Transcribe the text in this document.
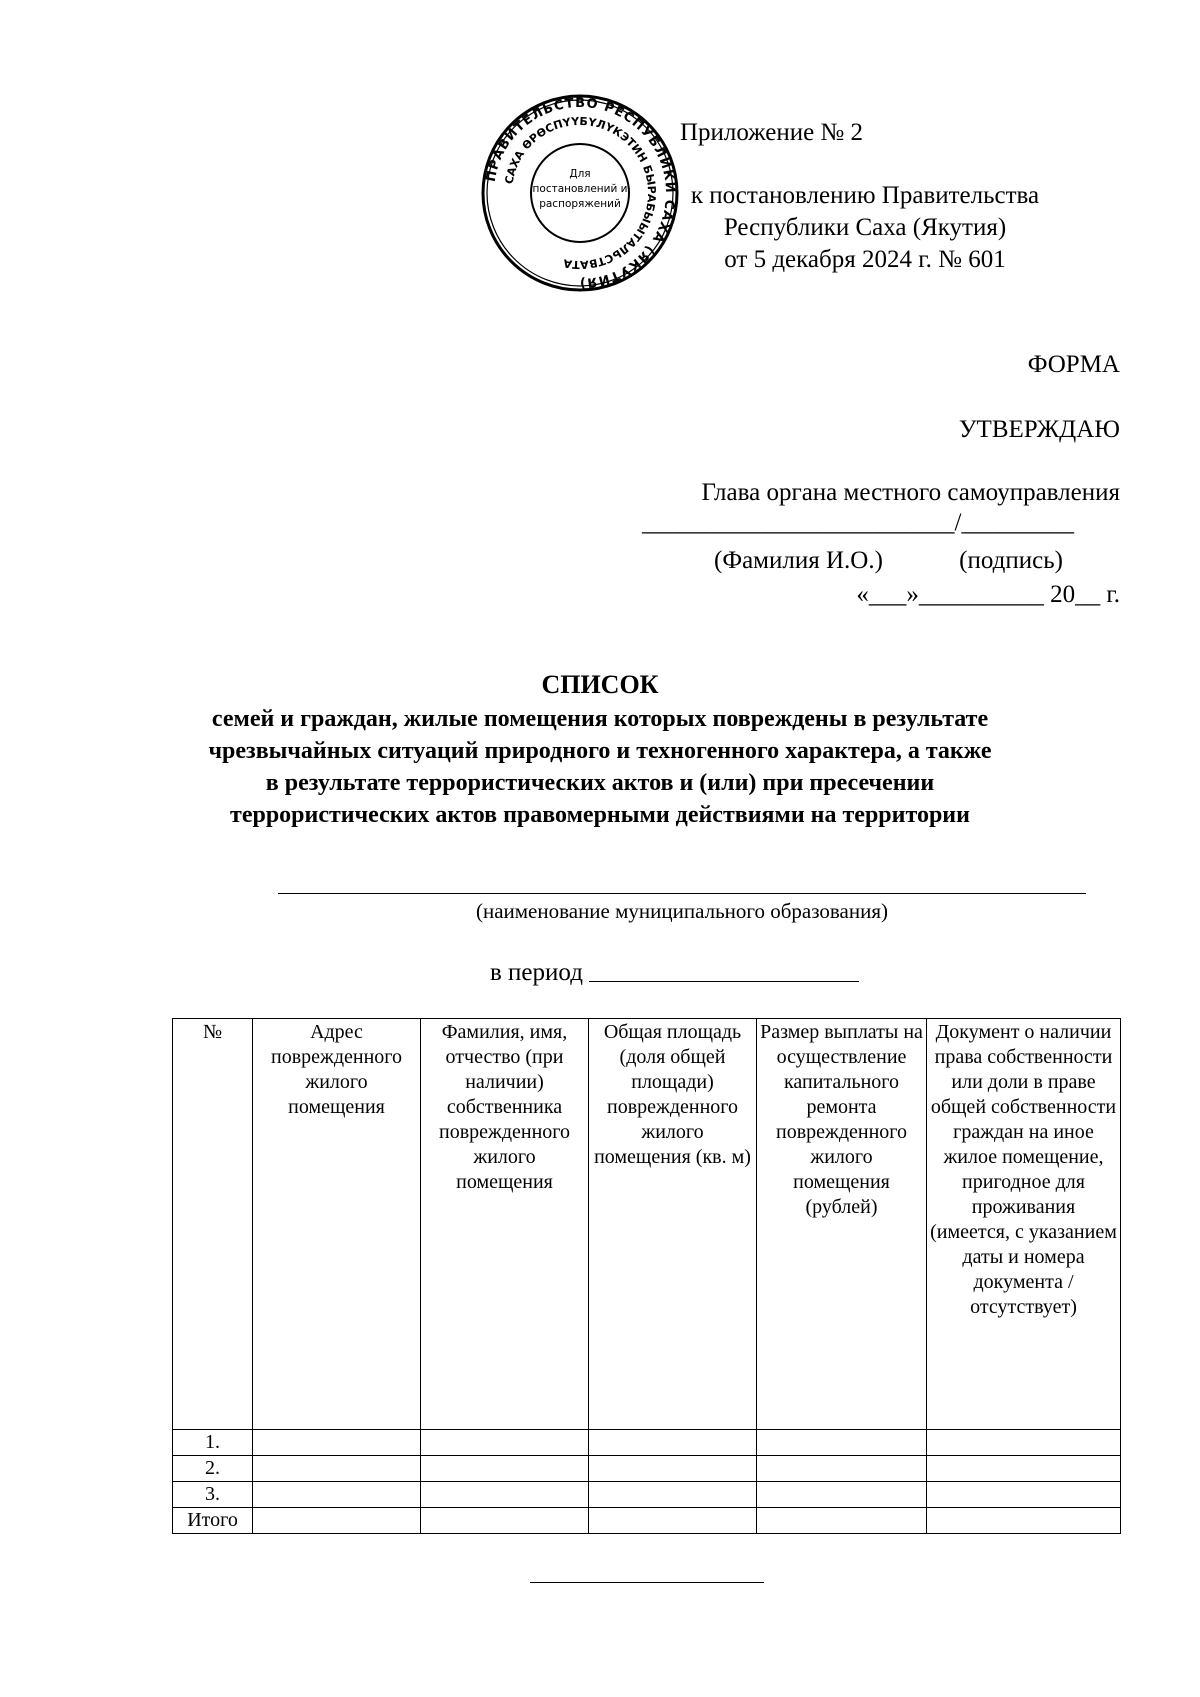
ПРАВИТЕЛЬСТВО РЕСПУБЛИКИ САХА (ЯКУТИЯ)
САХА ӨРӨСПҮҮБҮЛҮКЭТИН БЫРАБЫЫТАЛЬСТВАТА
Для
постановлений и
распоряжений
Приложение № 2
к постановлению Правительства
Республики Саха (Якутия)
от 5 декабря 2024 г. № 601
ФОРМА
УТВЕРЖДАЮ
Глава органа местного самоуправления
_________________________/_________
(Фамилия И.О.)	(подпись)
«___»__________ 20__ г.
СПИСОК
семей и граждан, жилые помещения которых повреждены в результате
чрезвычайных ситуаций природного и техногенного характера, а также
в результате террористических актов и (или) при пресечении
террористических актов правомерными действиями на территории
(наименование муниципального образования)
в период
№	Адрес поврежденного жилого помещения	Фамилия, имя, отчество (при наличии) собственника поврежденного жилого помещения	Общая площадь (доля общей площади) поврежденного жилого помещения (кв. м)	Размер выплаты на осуществление капитального ремонта поврежденного жилого помещения (рублей)	Документ о наличии права собственности или доли в праве общей собственности граждан на иное жилое помещение, пригодное для проживания (имеется, с указанием даты и номера документа / отсутствует)
1.					
2.					
3.					
Итого					
